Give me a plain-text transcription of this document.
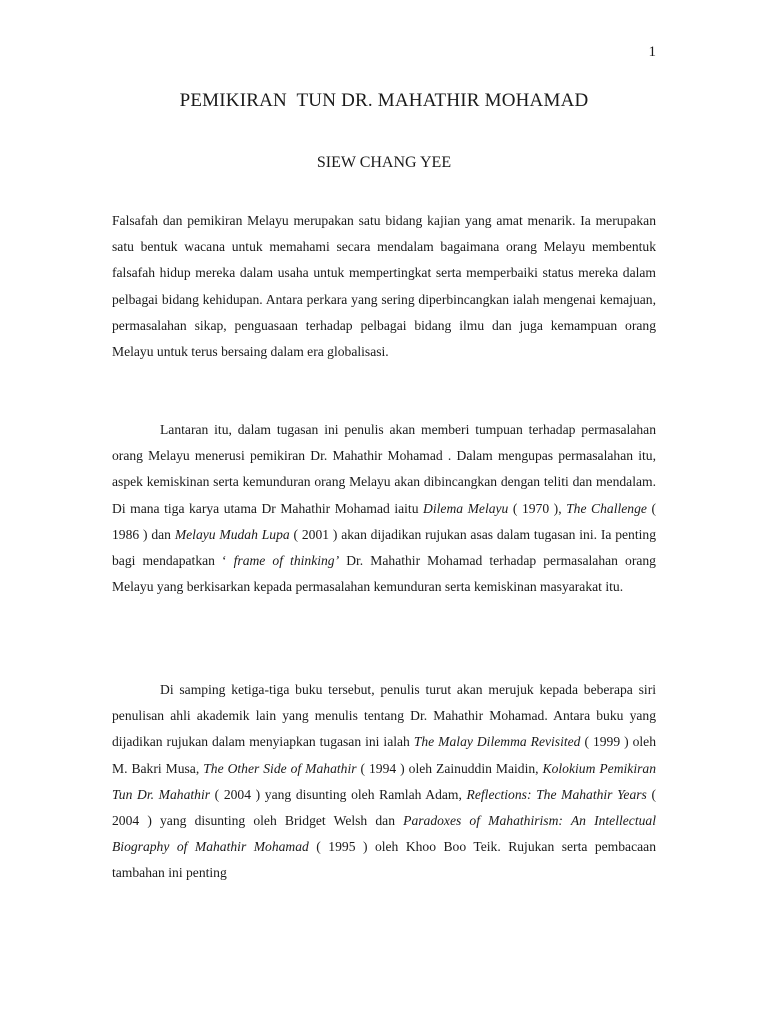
1
PEMIKIRAN  TUN DR. MAHATHIR MOHAMAD
SIEW CHANG YEE

Falsafah dan pemikiran Melayu merupakan satu bidang kajian yang amat menarik. Ia merupakan satu bentuk wacana untuk memahami secara mendalam bagaimana orang Melayu membentuk falsafah hidup mereka dalam usaha untuk mempertingkat serta memperbaiki status mereka dalam pelbagai bidang kehidupan. Antara perkara yang sering diperbincangkan ialah mengenai kemajuan, permasalahan sikap, penguasaan terhadap pelbagai bidang ilmu dan juga kemampuan orang Melayu untuk terus bersaing dalam era globalisasi.

Lantaran itu, dalam tugasan ini penulis akan memberi tumpuan terhadap permasalahan orang Melayu menerusi pemikiran Dr. Mahathir Mohamad . Dalam mengupas permasalahan itu, aspek kemiskinan serta kemunduran orang Melayu akan dibincangkan dengan teliti dan mendalam. Di mana tiga karya utama Dr Mahathir Mohamad iaitu Dilema Melayu ( 1970 ), The Challenge ( 1986 ) dan Melayu Mudah Lupa ( 2001 ) akan dijadikan rujukan asas dalam tugasan ini. Ia penting bagi mendapatkan ‘ frame of thinking’ Dr. Mahathir Mohamad terhadap permasalahan orang Melayu yang berkisarkan kepada permasalahan kemunduran serta kemiskinan masyarakat itu.

Di samping ketiga-tiga buku tersebut, penulis turut akan merujuk kepada beberapa siri penulisan ahli akademik lain yang menulis tentang Dr. Mahathir Mohamad. Antara buku yang dijadikan rujukan dalam menyiapkan tugasan ini ialah The Malay Dilemma Revisited ( 1999 ) oleh M. Bakri Musa, The Other Side of Mahathir ( 1994 ) oleh Zainuddin Maidin, Kolokium Pemikiran Tun Dr. Mahathir ( 2004 ) yang disunting oleh Ramlah Adam, Reflections: The Mahathir Years ( 2004 ) yang disunting oleh Bridget Welsh dan Paradoxes of Mahathirism: An Intellectual Biography of Mahathir Mohamad ( 1995 ) oleh Khoo Boo Teik. Rujukan serta pembacaan tambahan ini penting
